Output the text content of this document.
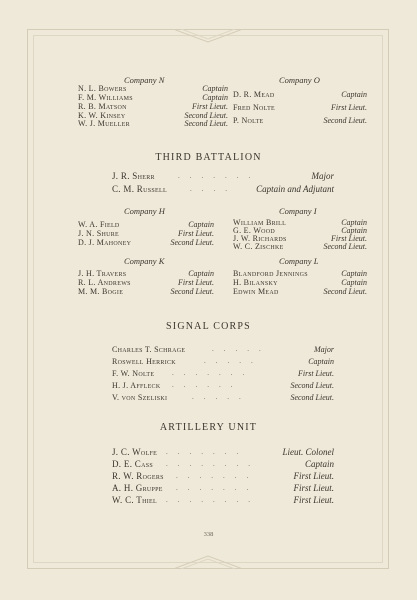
Company N
N. L. Bowers	Captain
F. M. Williams	Captain
R. B. Matson	First Lieut.
K. W. Kinsey	Second Lieut.
W. J. Mueller	Second Lieut.
Company O
D. R. Mead	Captain
Fred Nolte	First Lieut.
P. Nolte	Second Lieut.
THIRD BATTALION
J. R. Sherr	.......	Major
C. M. Russell	.... Captain and Adjutant
Company H
W. A. Field	Captain
J. N. Shure	First Lieut.
D. J. Mahoney	Second Lieut.
Company I
William Brill	Captain
G. E. Wood	Captain
J. W. Richards	First Lieut.
W. C. Zischke	Second Lieut.
Company K
J. H. Travers	Captain
R. L. Andrews	First Lieut.
M. M. Bogie	Second Lieut.
Company L
Blandford Jennings	Captain
H. Bilansky	Captain
Edwin Mead	Second Lieut.
SIGNAL CORPS
Charles T. Schrage	.....	Major
Roswell Herrick	.....	Captain
F. W. Nolte	.......	First Lieut.
H. J. Affleck ......	Second Lieut.
V. von Szeliski	.....	Second Lieut.
ARTILLERY UNIT
J. C. Wolfe .......	Lieut. Colonel
D. E. Cass ........	Captain
R. W. Rogers .......	First Lieut.
A. H. Gruppe .......	First Lieut.
W. C. Thiel ........	First Lieut.
338
